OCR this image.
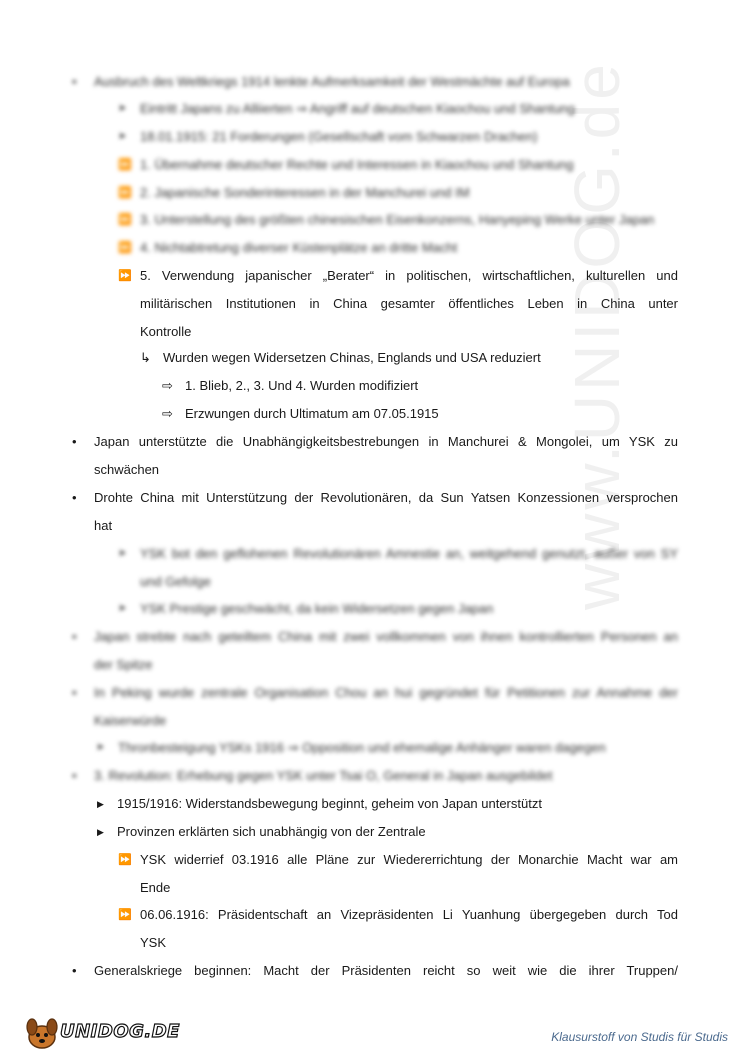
www.UNIDOG.de
• Ausbruch des Weltkriegs 1914 lenkte Aufmerksamkeit der Westmächte auf Europa
➤ Eintritt Japans zu Alliierten ⇒ Angriff auf deutschen Kiaochou und Shantung
➤ 18.01.1915: 21 Forderungen (Gesellschaft vom Schwarzen Drachen)
⏩ 1. Übernahme deutscher Rechte und Interessen in Kiaochou und Shantung
⏩ 2. Japanische Sonderinteressen in der Manchurei und IM
⏩ 3. Unterstellung des größten chinesischen Eisenkonzerns, Hanyeping Werke unter Japan
⏩ 4. Nichtabtretung diverser Küstenplätze an dritte Macht
⏩ 5. Verwendung japanischer „Berater“ in politischen, wirtschaftlichen, kulturellen und
militärischen Institutionen in China gesamter öffentliches Leben in China unter
Kontrolle
↳ Wurden wegen Widersetzen Chinas, Englands und USA reduziert
⇨ 1. Blieb, 2., 3. Und 4. Wurden modifiziert
⇨ Erzwungen durch Ultimatum am 07.05.1915
• Japan unterstützte die Unabhängigkeitsbestrebungen in Manchurei & Mongolei, um YSK zu
schwächen
• Drohte China mit Unterstützung der Revolutionären, da Sun Yatsen Konzessionen versprochen
hat
➤ YSK bot den geflohenen Revolutionären Amnestie an, weitgehend genutzt, außer von SY
und Gefolge
➤ YSK Prestige geschwächt, da kein Widersetzen gegen Japan
• Japan strebte nach geteiltem China mit zwei vollkommen von ihnen kontrollierten Personen an
der Spitze
• In Peking wurde zentrale Organisation Chou an hui gegründet für Petitionen zur Annahme der
Kaiserwürde
➤ Thronbesteigung YSKs 1916 ⇒ Opposition und ehemalige Anhänger waren dagegen
• 3. Revolution: Erhebung gegen YSK unter Tsai O, General in Japan ausgebildet
▶ 1915/1916: Widerstandsbewegung beginnt, geheim von Japan unterstützt
▶ Provinzen erklärten sich unabhängig von der Zentrale
⏩ YSK widerrief 03.1916 alle Pläne zur Wiedererrichtung der Monarchie Macht war am
Ende
⏩ 06.06.1916: Präsidentschaft an Vizepräsidenten Li Yuanhung übergegeben durch Tod
YSK
• Generalskriege beginnen: Macht der Präsidenten reicht so weit wie die ihrer Truppen/
UNIDOG.DE	Klausurstoff von Studis für Studis
